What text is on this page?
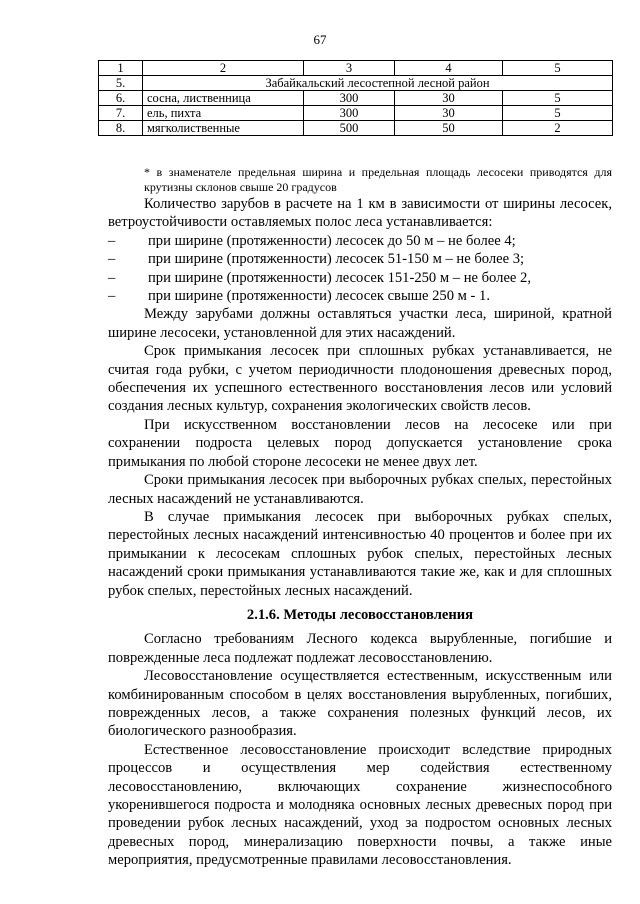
67
1	2	3	4	5
5.	Забайкальский лесостепной лесной район			
6.	сосна, лиственница	300	30	5
7.	ель, пихта	300	30	5
8.	мягколиственные	500	50	2
* в знаменателе предельная ширина и предельная площадь лесосеки приводятся для крутизны склонов свыше 20 градусов

Количество зарубов в расчете на 1 км в зависимости от ширины лесосек, ветроустойчивости оставляемых полос леса устанавливается:

–	при ширине (протяженности) лесосек до 50 м – не более 4;
–	при ширине (протяженности) лесосек 51-150 м – не более 3;
–	при ширине (протяженности) лесосек 151-250 м – не более 2,
–	при ширине (протяженности) лесосек свыше 250 м - 1.

Между зарубами должны оставляться участки леса, шириной, кратной ширине лесосеки, установленной для этих насаждений.

Срок примыкания лесосек при сплошных рубках устанавливается, не считая года рубки, с учетом периодичности плодоношения древесных пород, обеспечения их успешного естественного восстановления лесов или условий создания лесных культур, сохранения экологических свойств лесов.

При искусственном восстановлении лесов на лесосеке или при сохранении подроста целевых пород допускается установление срока примыкания по любой стороне лесосеки не менее двух лет.

Сроки примыкания лесосек при выборочных рубках спелых, перестойных лесных насаждений не устанавливаются.

В случае примыкания лесосек при выборочных рубках спелых, перестойных лесных насаждений интенсивностью 40 процентов и более при их примыкании к лесосекам сплошных рубок спелых, перестойных лесных насаждений сроки примыкания устанавливаются такие же, как и для сплошных рубок спелых, перестойных лесных насаждений.

2.1.6. Методы лесовосстановления

Согласно требованиям Лесного кодекса вырубленные, погибшие и поврежденные леса подлежат подлежат лесовосстановлению.

Лесовосстановление осуществляется естественным, искусственным или комбинированным способом в целях восстановления вырубленных, погибших, поврежденных лесов, а также сохранения полезных функций лесов, их биологического разнообразия.

Естественное лесовосстановление происходит вследствие природных процессов и осуществления мер содействия естественному лесовосстановлению, включающих сохранение жизнеспособного укоренившегося подроста и молодняка основных лесных древесных пород при проведении рубок лесных насаждений, уход за подростом основных лесных древесных пород, минерализацию поверхности почвы, а также иные мероприятия, предусмотренные правилами лесовосстановления.
